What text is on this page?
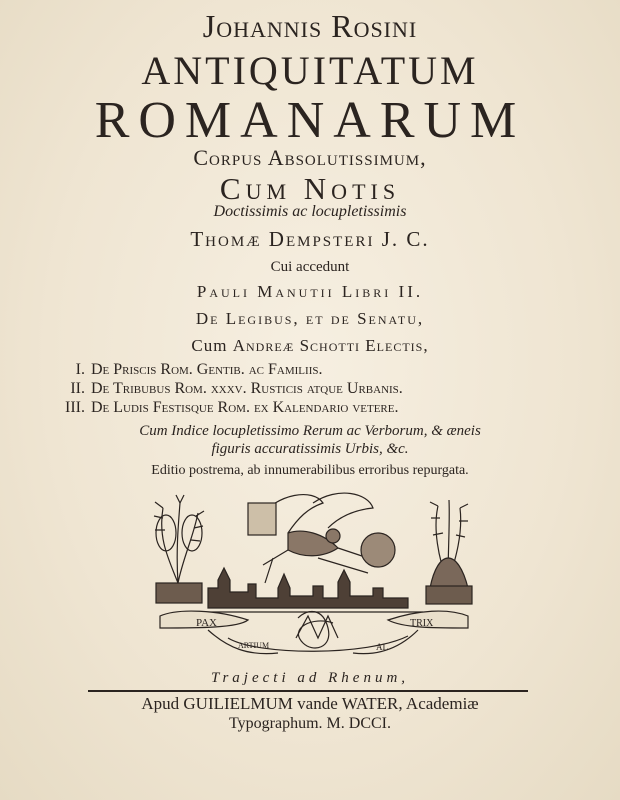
Johannis Rosini
ANTIQUITATUM
ROMANARUM
Corpus Absolutissimum,
Cum Notis
Doctissimis ac locupletissimis
Thomæ Dempsteri J. C.
Cui accedunt
Pauli Manutii Libri II.
De Legibus, et de Senatu,
Cum Andreæ Schotti Electis,
I. De Priscis Rom. Gentib. ac Familiis.
II. De Tribubus Rom. xxxv. Rusticis atque Urbanis.
III. De Ludis Festisque Rom. ex Kalendario vetere.
Cum Indice locupletissimo Rerum ac Verborum, & æneis
figuris accuratissimis Urbis, &c.
Editio postrema, ab innumerabilibus erroribus repurgata.
PAX	TRIX
ARTIUM	AL
Trajecti ad Rhenum,
Apud GUILIELMUM vande WATER, Academiæ
Typographum. M. DCCI.
